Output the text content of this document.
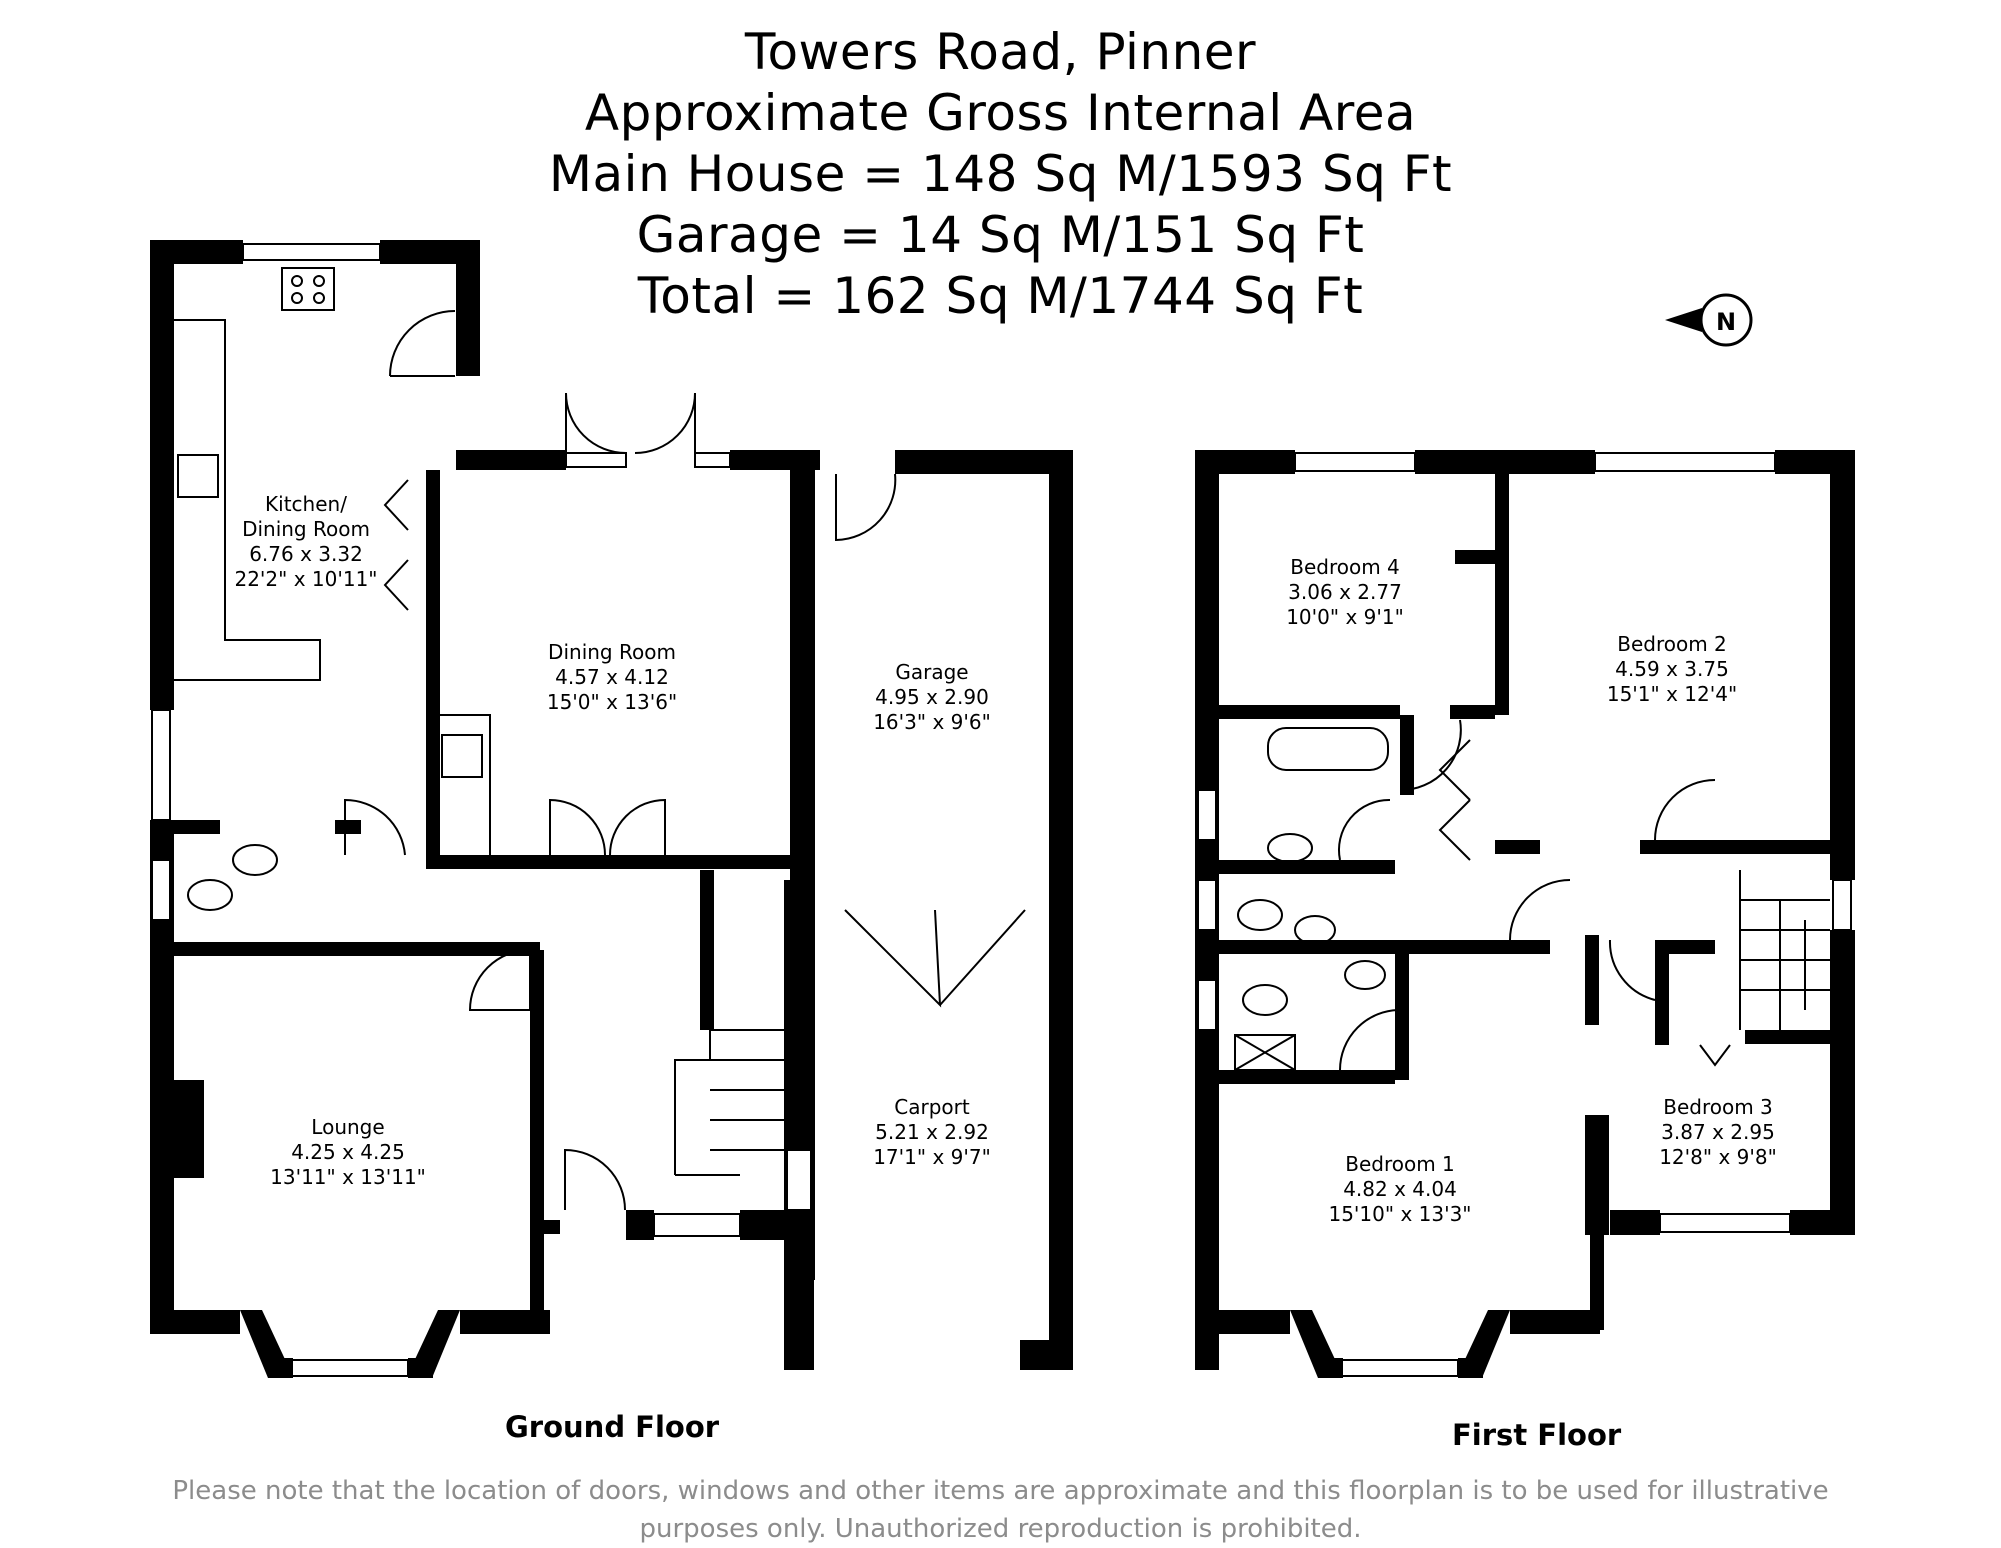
Towers Road, Pinner
Approximate Gross Internal Area
Main House = 148 Sq M/1593 Sq Ft
Garage = 14 Sq M/151 Sq Ft
Total = 162 Sq M/1744 Sq Ft	N
Kitchen/
Dining Room
6.76 x 3.32
22'2" x 10'11"
Dining Room
4.57 x 4.12
15'0" x 13'6"
Garage
4.95 x 2.90
16'3" x 9'6"
Carport
5.21 x 2.92
17'1" x 9'7"
Lounge
4.25 x 4.25
13'11" x 13'11"
Bedroom 4
3.06 x 2.77
10'0" x 9'1"
Bedroom 2
4.59 x 3.75
15'1" x 12'4"
Bedroom 1
4.82 x 4.04
15'10" x 13'3"
Bedroom 3
3.87 x 2.95
12'8" x 9'8"
Ground Floor	First Floor
Please note that the location of doors, windows and other items are approximate and this floorplan is to be used for illustrative
purposes only. Unauthorized reproduction is prohibited.
